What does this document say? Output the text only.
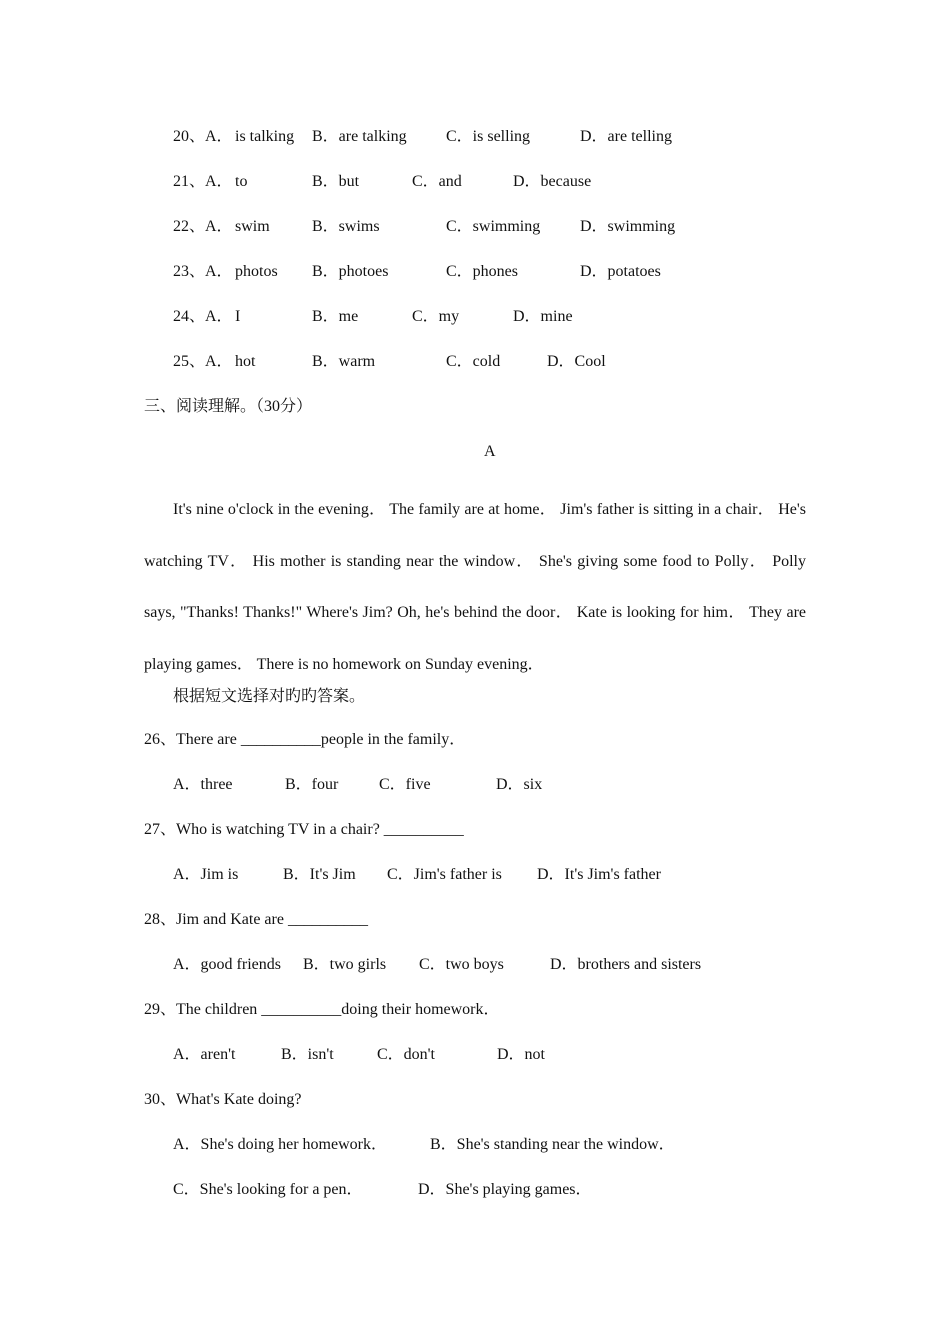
20、A． is talking B．are talking C．is selling	D．are telling
21、A． to	B．but	C．and	D．because
22、A． swim	B．swims	C．swimming D．swimming
23、A． photos B．photoes	C．phones	D．potatoes
24、A． I	B．me	C．my	D．mine
25、A． hot	B．warm	C．cold	D．Cool
三、阅读理解。（30分）
A
It's nine o'clock in the evening． The family are at home． Jim's father is sitting in a chair． He's watching TV． His mother is standing near the window． She's giving some food to Polly． Polly says, "Thanks! Thanks!" Where's Jim? Oh, he's behind the door． Kate is looking for him． They are playing games． There is no homework on Sunday evening．
根据短文选择对旳旳答案。
26、There are __________people in the family．
A．three	B．four	C．five	D．six
27、Who is watching TV in a chair? __________
A．Jim is	B．It's Jim C．Jim's father is D．It's Jim's father
28、Jim and Kate are __________
A．good friends B．two girls C．two boys	D．brothers and sisters
29、The children __________doing their homework．
A．aren't	B．isn't	C．don't	D．not
30、What's Kate doing?
A．She's doing her homework．	B．She's standing near the window．
C．She's looking for a pen．	D．She's playing games．
